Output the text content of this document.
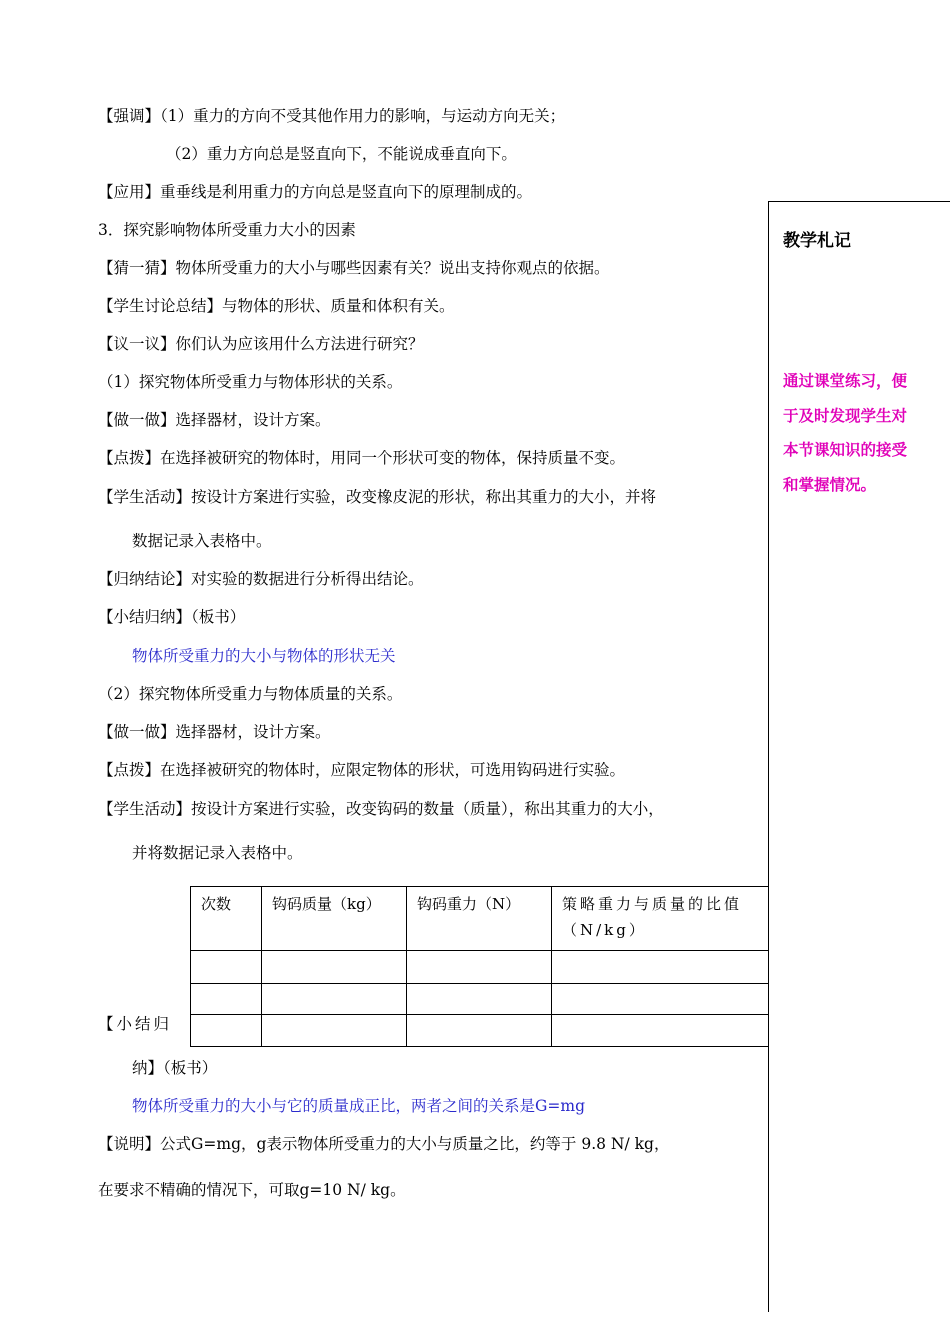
【强调】（1）重力的方向不受其他作用力的影响，与运动方向无关；
（2）重力方向总是竖直向下，不能说成垂直向下。
【应用】重垂线是利用重力的方向总是竖直向下的原理制成的。
3．探究影响物体所受重力大小的因素
【猜一猜】物体所受重力的大小与哪些因素有关？说出支持你观点的依据。
【学生讨论总结】与物体的形状、质量和体积有关。
【议一议】你们认为应该用什么方法进行研究？
（1）探究物体所受重力与物体形状的关系。
【做一做】选择器材，设计方案。
【点拨】在选择被研究的物体时，用同一个形状可变的物体，保持质量不变。
【学生活动】按设计方案进行实验，改变橡皮泥的形状，称出其重力的大小，并将
数据记录入表格中。
【归纳结论】对实验的数据进行分析得出结论。
【小结归纳】（板书）
物体所受重力的大小与物体的形状无关
（2）探究物体所受重力与物体质量的关系。
【做一做】选择器材，设计方案。
【点拨】在选择被研究的物体时，应限定物体的形状，可选用钩码进行实验。
【学生活动】按设计方案进行实验，改变钩码的数量（质量），称出其重力的大小，
并将数据记录入表格中。
【小结归
纳】（板书）
物体所受重力的大小与它的质量成正比，两者之间的关系是G=mg
【说明】公式G=mg，g表示物体所受重力的大小与质量之比，约等于 9.8 N/ kg，
在要求不精确的情况下，可取g=10 N/ kg。
次数	钩码质量（kg）	钩码重力（N）	策略重力与质量的比值（N/kg）

教学札记
通过课堂练习，便于及时发现学生对本节课知识的接受和掌握情况。
